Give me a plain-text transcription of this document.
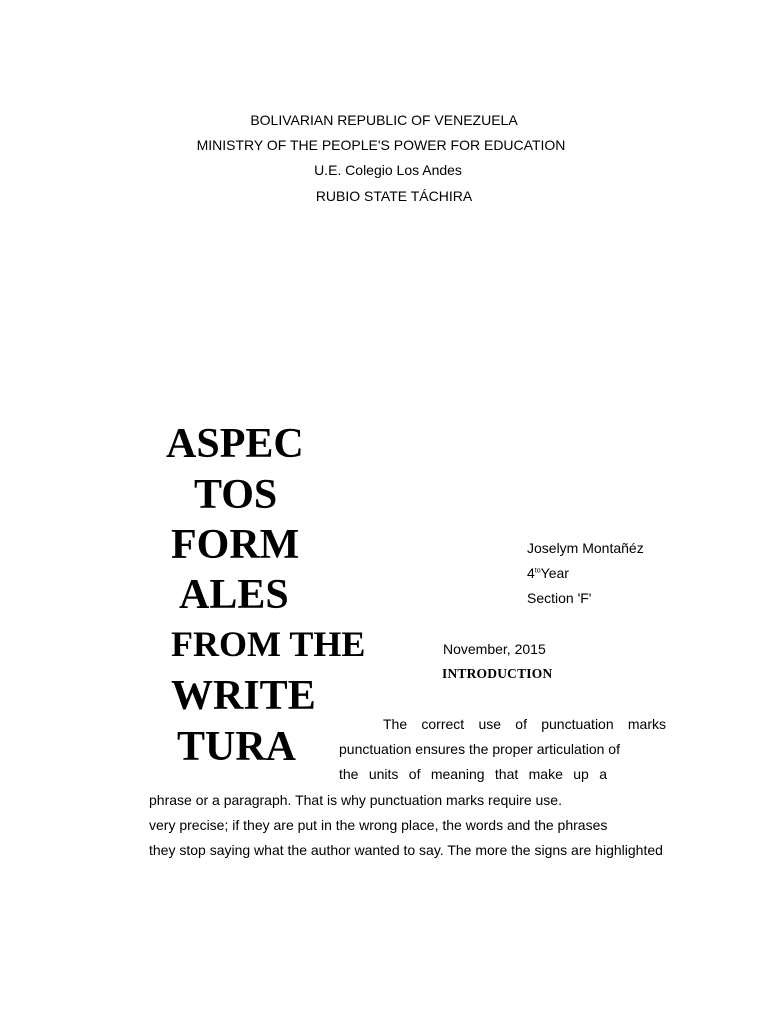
BOLIVARIAN REPUBLIC OF VENEZUELA
MINISTRY OF THE PEOPLE'S POWER FOR EDUCATION
U.E. Colegio Los Andes
RUBIO STATE TÁCHIRA
ASPEC
TOS
FORM
ALES
FROM THE
WRITE
TURA
Joselym Montañéz
$4^{to}Year$
Section 'F'
November, 2015
INTRODUCTION
The correct use of punctuation marks
punctuation ensures the proper articulation of
the units of meaning that make up a
phrase or a paragraph. That is why punctuation marks require use.
very precise; if they are put in the wrong place, the words and the phrases
they stop saying what the author wanted to say. The more the signs are highlighted
